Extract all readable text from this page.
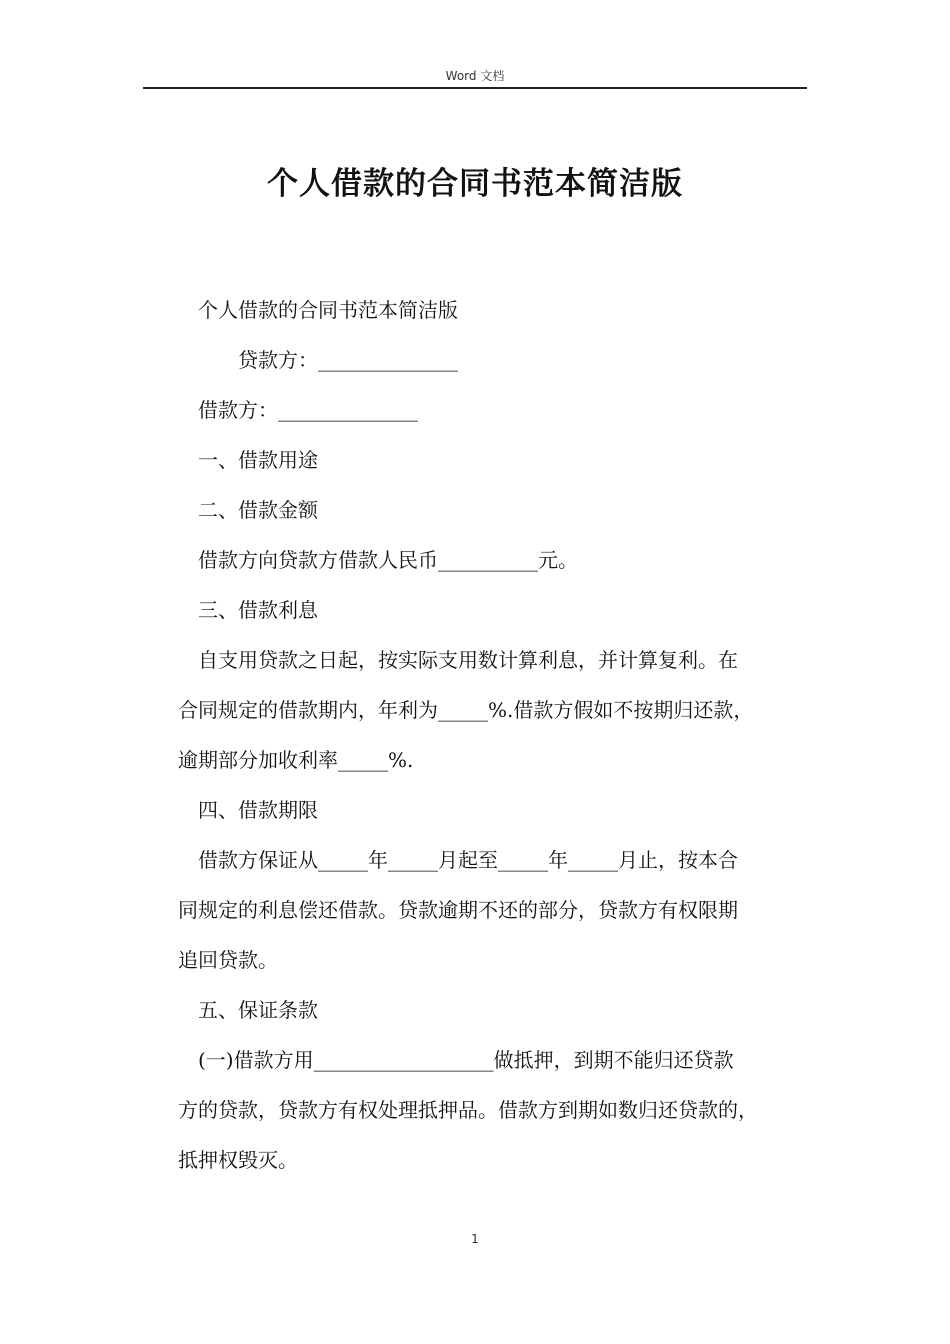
Word 文档
个人借款的合同书范本简洁版
个人借款的合同书范本简洁版
贷款方：______________
借款方：______________
一、借款用途
二、借款金额
借款方向贷款方借款人民币__________元。
三、借款利息
自支用贷款之日起，按实际支用数计算利息，并计算复利。在
合同规定的借款期内，年利为_____%.借款方假如不按期归还款，
逾期部分加收利率_____%.
四、借款期限
借款方保证从_____年_____月起至_____年_____月止，按本合
同规定的利息偿还借款。贷款逾期不还的部分，贷款方有权限期
追回贷款。
五、保证条款
(一)借款方用__________________做抵押，到期不能归还贷款
方的贷款，贷款方有权处理抵押品。借款方到期如数归还贷款的，
抵押权毁灭。
1
